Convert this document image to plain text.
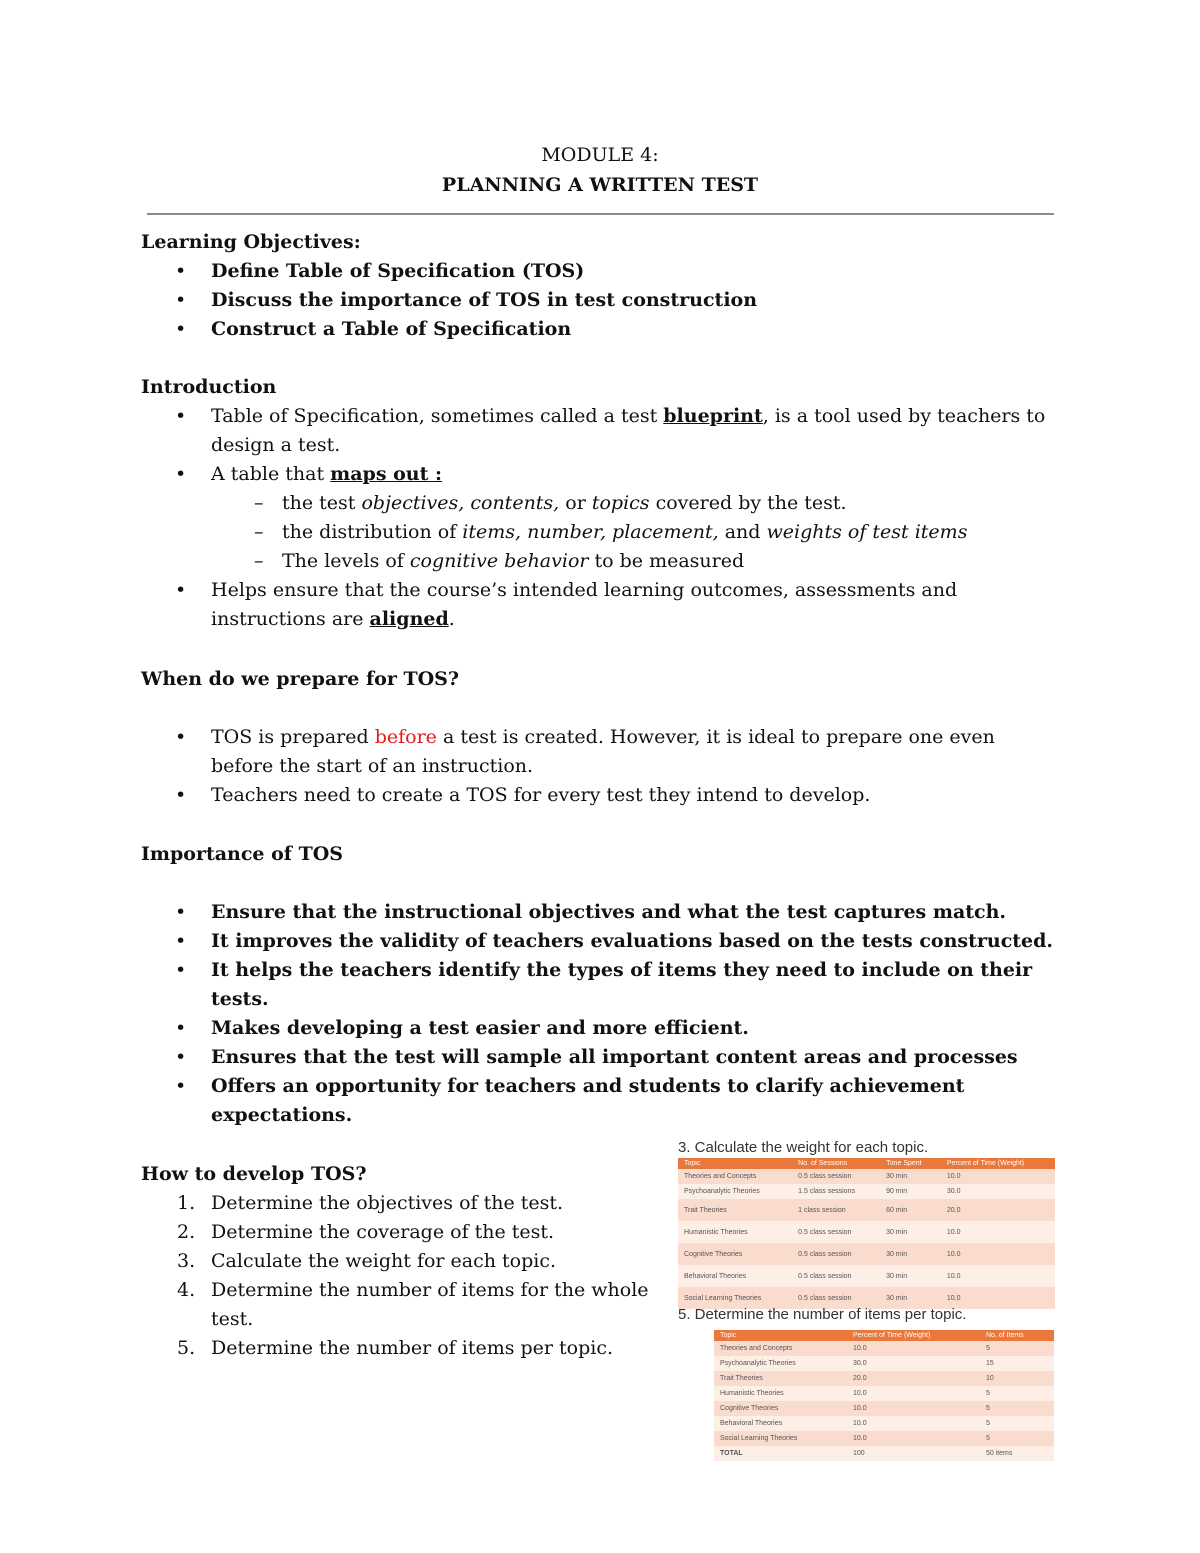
MODULE 4:
PLANNING A WRITTEN TEST

Learning Objectives:

• Define Table of Specification (TOS)
• Discuss the importance of TOS in test construction
• Construct a Table of Specification

Introduction

• Table of Specification, sometimes called a test blueprint, is a tool used by teachers to design a test.
• A table that maps out :
– the test objectives, contents, or topics covered by the test.
– the distribution of items, number, placement, and weights of test items
– The levels of cognitive behavior to be measured
• Helps ensure that the course’s intended learning outcomes, assessments and instructions are aligned.

When do we prepare for TOS?

• TOS is prepared before a test is created. However, it is ideal to prepare one even before the start of an instruction.
• Teachers need to create a TOS for every test they intend to develop.

Importance of TOS

• Ensure that the instructional objectives and what the test captures match.
• It improves the validity of teachers evaluations based on the tests constructed.
• It helps the teachers identify the types of items they need to include on their tests.
• Makes developing a test easier and more efficient.
• Ensures that the test will sample all important content areas and processes
• Offers an opportunity for teachers and students to clarify achievement expectations.

How to develop TOS?

1. Determine the objectives of the test.
2. Determine the coverage of the test.
3. Calculate the weight for each topic.
4. Determine the number of items for the whole test.
5. Determine the number of items per topic.
3. Calculate the weight for each topic.
Topic	No. of Sessions	Time Spent	Percent of Time (Weight)
Theories and Concepts	0.5 class session	30 min	10.0
Psychoanalytic Theories	1.5 class sessions	90 min	30.0
Trait Theories	1 class session	60 min	20.0
Humanistic Theories	0.5 class session	30 min	10.0
Cognitive Theories	0.5 class session	30 min	10.0
Behavioral Theories	0.5 class session	30 min	10.0
Social Learning Theories	0.5 class session	30 min	10.0
5. Determine the number of items per topic.
Topic	Percent of Time (Weight)	No. of Items
Theories and Concepts	10.0	5
Psychoanalytic Theories	30.0	15
Trait Theories	20.0	10
Humanistic Theories	10.0	5
Cognitive Theories	10.0	5
Behavioral Theories	10.0	5
Social Learning Theories	10.0	5
TOTAL	100	50 items
